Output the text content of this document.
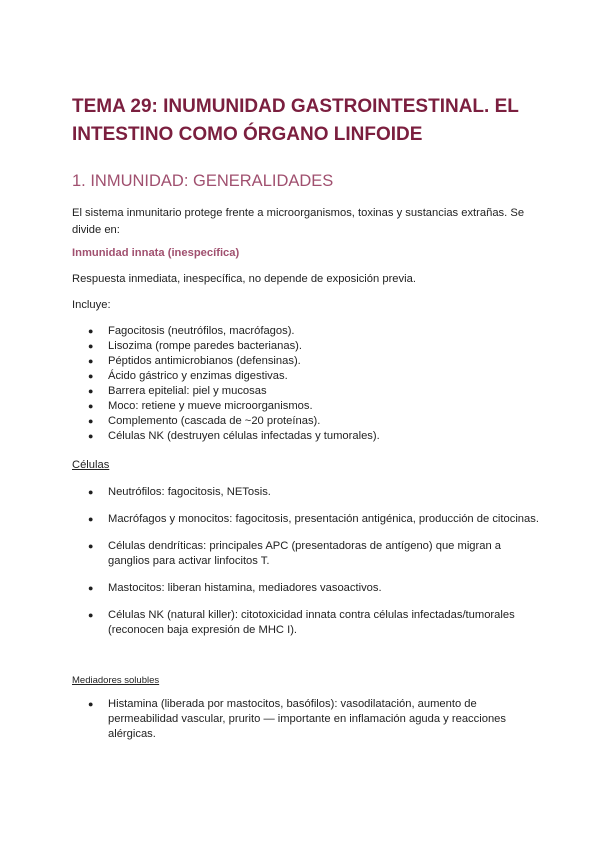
TEMA 29: INUMUNIDAD GASTROINTESTINAL. EL INTESTINO COMO ÓRGANO LINFOIDE
1. INMUNIDAD: GENERALIDADES

El sistema inmunitario protege frente a microorganismos, toxinas y sustancias extrañas. Se divide en:

Inmunidad innata (inespecífica)

Respuesta inmediata, inespecífica, no depende de exposición previa.

Incluye:

● Fagocitosis (neutrófilos, macrófagos).
● Lisozima (rompe paredes bacterianas).
● Péptidos antimicrobianos (defensinas).
● Ácido gástrico y enzimas digestivas.
● Barrera epitelial: piel y mucosas
● Moco: retiene y mueve microorganismos.
● Complemento (cascada de ~20 proteínas).
● Células NK (destruyen células infectadas y tumorales).

Células

● Neutrófilos: fagocitosis, NETosis.
● Macrófagos y monocitos: fagocitosis, presentación antigénica, producción de citocinas.
● Células dendríticas: principales APC (presentadoras de antígeno) que migran a ganglios para activar linfocitos T.
● Mastocitos: liberan histamina, mediadores vasoactivos.
● Células NK (natural killer): citotoxicidad innata contra células infectadas/tumorales (reconocen baja expresión de MHC I).

Mediadores solubles

● Histamina (liberada por mastocitos, basófilos): vasodilatación, aumento de permeabilidad vascular, prurito — importante en inflamación aguda y reacciones alérgicas.
